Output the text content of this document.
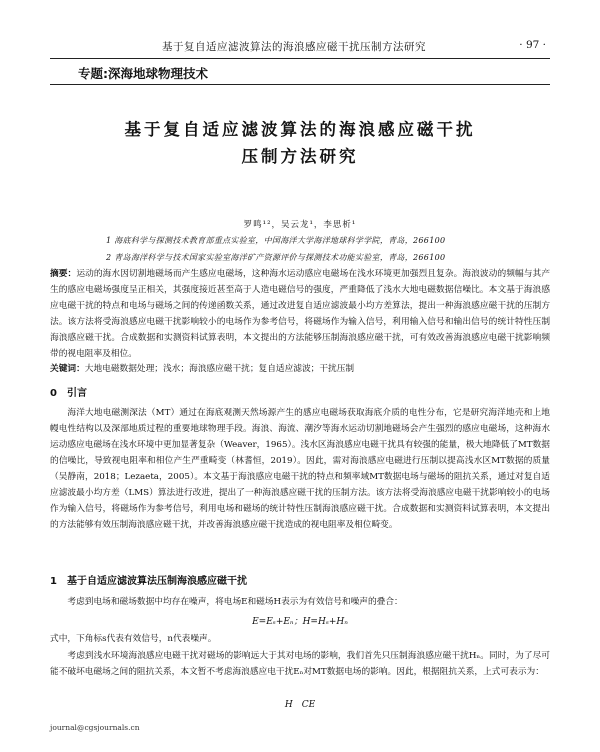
基于复自适应滤波算法的海浪感应磁干扰压制方法研究	· 97 ·
专题:深海地球物理技术
基于复自适应滤波算法的海浪感应磁干扰
压制方法研究
罗鸣¹²，吴云龙¹，李思析¹
1 海底科学与探测技术教育部重点实验室，中国海洋大学海洋地球科学学院，青岛，266100
2 青岛海洋科学与技术国家实验室海洋矿产资源评价与探测技术功能实验室，青岛，266100
摘要：运动的海水因切割地磁场而产生感应电磁场，这种海水运动感应电磁场在浅水环境更加强烈且复杂。海浪波动的频幅与其产生的感应电磁场强度呈正相关，其强度接近甚至高于人造电磁信号的强度，严重降低了浅水大地电磁数据信噪比。本文基于海浪感应电磁干扰的特点和电场与磁场之间的传递函数关系，通过改进复自适应滤波最小均方差算法，提出一种海浪感应磁干扰的压制方法。该方法将受海浪感应电磁干扰影响较小的电场作为参考信号，将磁场作为输入信号，利用输入信号和输出信号的统计特性压制海浪感应磁干扰。合成数据和实测资料试算表明，本文提出的方法能够压制海浪感应磁干扰，可有效改善海浪感应电磁干扰影响频带的视电阻率及相位。
关键词：大地电磁数据处理；浅水；海浪感应磁干扰；复自适应滤波；干扰压制
0　引言
海洋大地电磁测深法（MT）通过在海底观测天然场源产生的感应电磁场获取海底介质的电性分布，它是研究海洋地壳和上地幔电性结构以及深部地质过程的重要地球物理手段。海浪、海流、潮汐等海水运动切割地磁场会产生强烈的感应电磁场，这种海水运动感应电磁场在浅水环境中更加显著复杂（Weaver，1965）。浅水区海浪感应电磁干扰具有较强的能量，极大地降低了MT数据的信噪比，导致视电阻率和相位产生严重畸变（林耆恒，2019）。因此，需对海浪感应电磁进行压制以提高浅水区MT数据的质量（吴静南，2018；Lezaeta，2005）。本文基于海浪感应电磁干扰的特点和频率域MT数据电场与磁场的阻抗关系，通过对复自适应滤波最小均方差（LMS）算法进行改进，提出了一种海浪感应磁干扰的压制方法。该方法将受海浪感应电磁干扰影响较小的电场作为输入信号，将磁场作为参考信号，利用电场和磁场的统计特性压制海浪感应磁干扰。合成数据和实测资料试算表明，本文提出的方法能够有效压制海浪感应磁干扰，并改善海浪感应磁干扰造成的视电阻率及相位畸变。
1　基于自适应滤波算法压制海浪感应磁干扰
考虑到电场和磁场数据中均存在噪声，将电场E和磁场H表示为有效信号和噪声的叠合：
E=Eₛ+Eₙ；H=Hₛ+Hₙ
式中，下角标s代表有效信号，n代表噪声。
考虑到浅水环境海浪感应电磁干扰对磁场的影响远大于其对电场的影响，我们首先只压制海浪感应磁干扰Hₙ。同时，为了尽可能不破坏电磁场之间的阻抗关系，本文暂不考虑海浪感应电干扰Eₙ对MT数据电场的影响。因此，根据阻抗关系，上式可表示为：
H　CE
journal@cgsjournals.cn
